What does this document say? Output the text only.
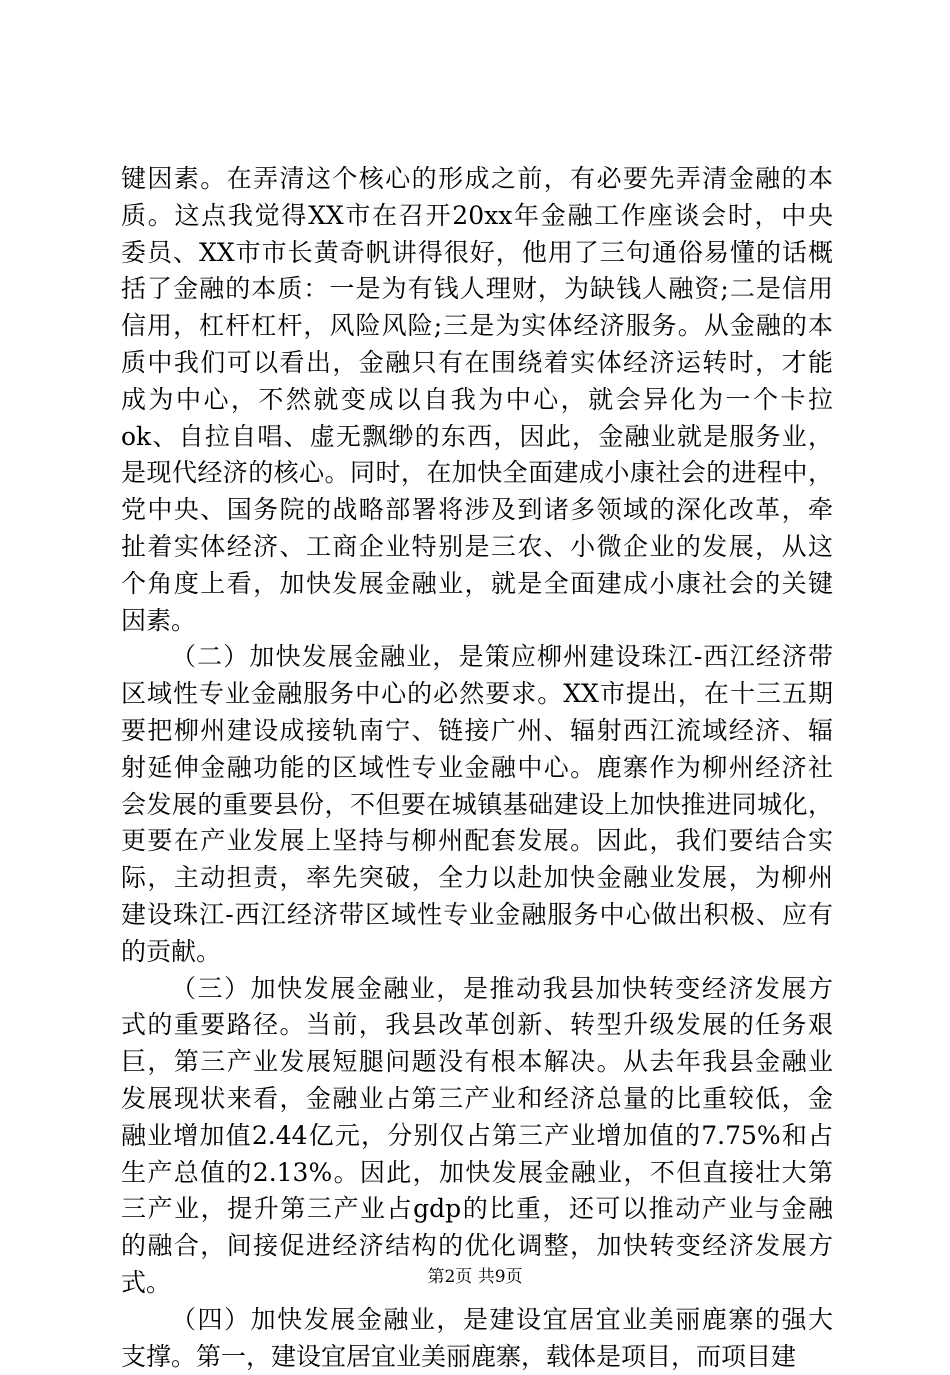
键因素。在弄清这个核心的形成之前，有必要先弄清金融的本
质。这点我觉得XX市在召开20xx年金融工作座谈会时，中央
委员、XX市市长黄奇帆讲得很好，他用了三句通俗易懂的话概
括了金融的本质：一是为有钱人理财，为缺钱人融资;二是信用
信用，杠杆杠杆，风险风险;三是为实体经济服务。从金融的本
质中我们可以看出，金融只有在围绕着实体经济运转时，才能
成为中心，不然就变成以自我为中心，就会异化为一个卡拉
ok、自拉自唱、虚无飘缈的东西，因此，金融业就是服务业，
是现代经济的核心。同时，在加快全面建成小康社会的进程中，
党中央、国务院的战略部署将涉及到诸多领域的深化改革，牵
扯着实体经济、工商企业特别是三农、小微企业的发展，从这
个角度上看，加快发展金融业，就是全面建成小康社会的关键
因素。
（二）加快发展金融业，是策应柳州建设珠江-西江经济带
区域性专业金融服务中心的必然要求。XX市提出，在十三五期
要把柳州建设成接轨南宁、链接广州、辐射西江流域经济、辐
射延伸金融功能的区域性专业金融中心。鹿寨作为柳州经济社
会发展的重要县份，不但要在城镇基础建设上加快推进同城化，
更要在产业发展上坚持与柳州配套发展。因此，我们要结合实
际，主动担责，率先突破，全力以赴加快金融业发展，为柳州
建设珠江-西江经济带区域性专业金融服务中心做出积极、应有
的贡献。
（三）加快发展金融业，是推动我县加快转变经济发展方
式的重要路径。当前，我县改革创新、转型升级发展的任务艰
巨，第三产业发展短腿问题没有根本解决。从去年我县金融业
发展现状来看，金融业占第三产业和经济总量的比重较低，金
融业增加值2.44亿元，分别仅占第三产业增加值的7.75%和占
生产总值的2.13%。因此，加快发展金融业，不但直接壮大第
三产业，提升第三产业占gdp的比重，还可以推动产业与金融
的融合，间接促进经济结构的优化调整，加快转变经济发展方
式。
（四）加快发展金融业，是建设宜居宜业美丽鹿寨的强大
支撑。第一，建设宜居宜业美丽鹿寨，载体是项目，而项目建
第2页 共9页
